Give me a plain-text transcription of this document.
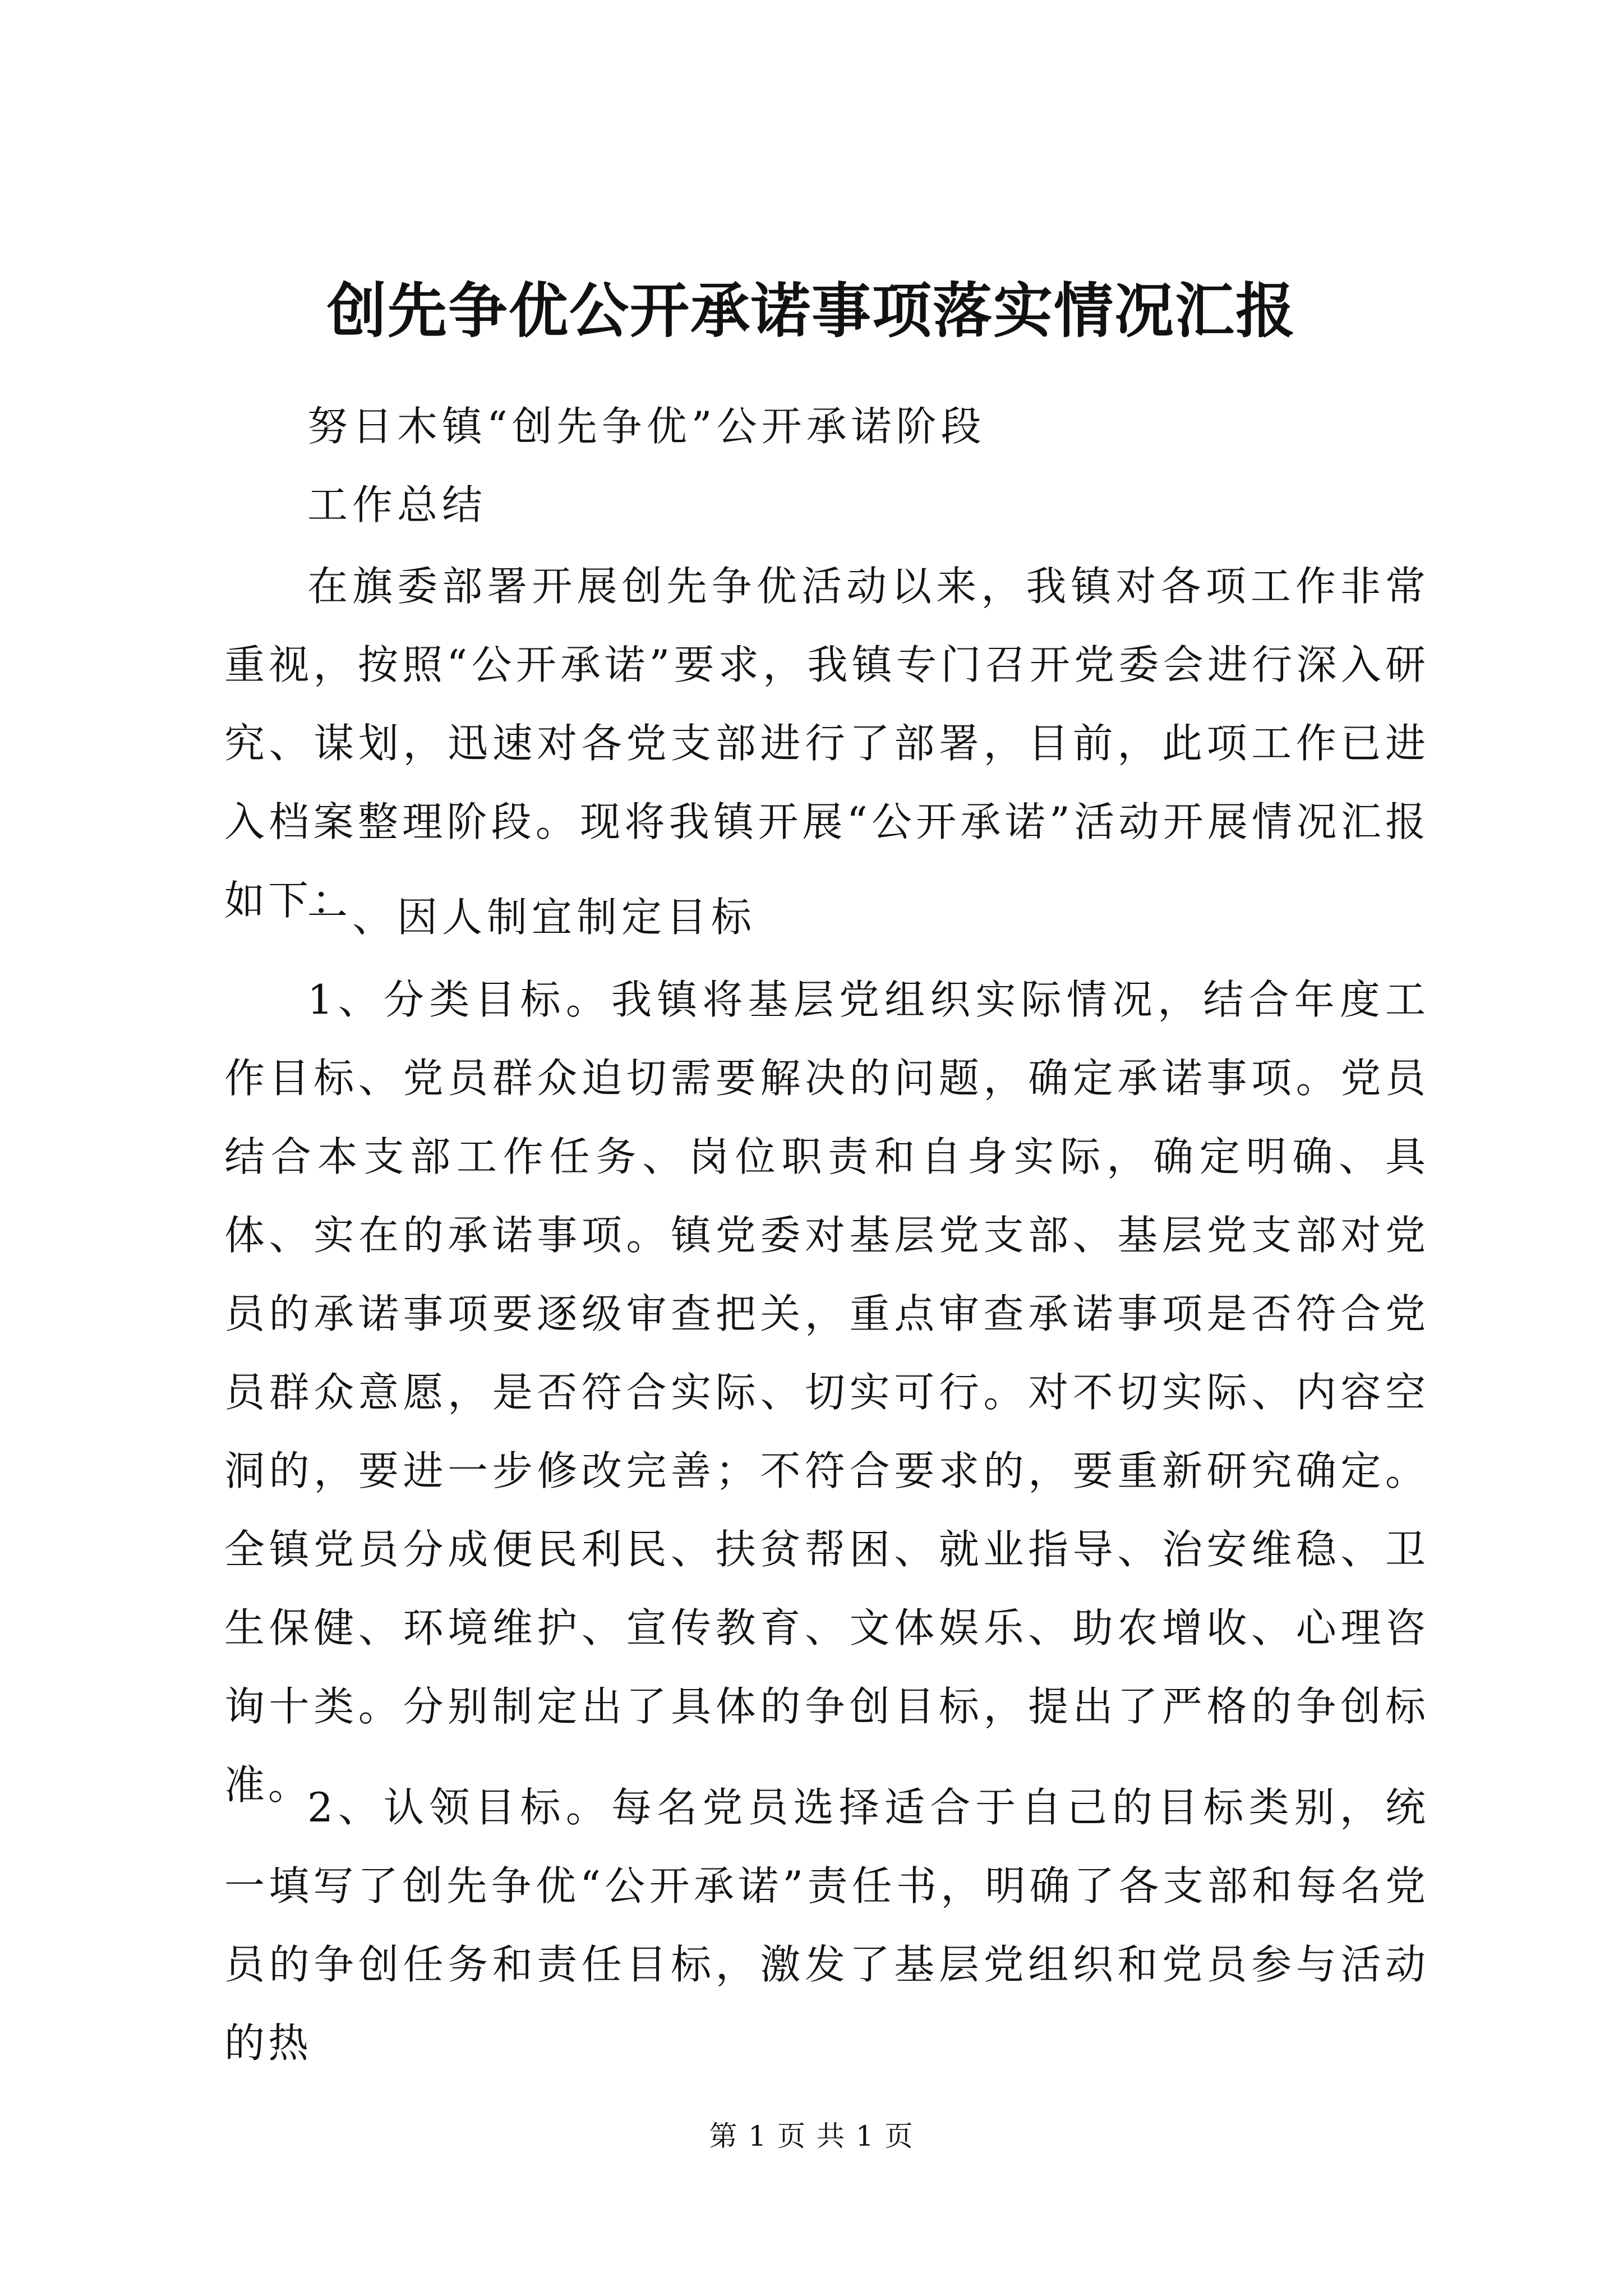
创先争优公开承诺事项落实情况汇报
努日木镇“创先争优”公开承诺阶段
工作总结
在旗委部署开展创先争优活动以来，我镇对各项工作非常重视，按照“公开承诺”要求，我镇专门召开党委会进行深入研究、谋划，迅速对各党支部进行了部署，目前，此项工作已进入档案整理阶段。现将我镇开展“公开承诺”活动开展情况汇报如下：
一、因人制宜制定目标
1、分类目标。我镇将基层党组织实际情况，结合年度工作目标、党员群众迫切需要解决的问题，确定承诺事项。党员结合本支部工作任务、岗位职责和自身实际，确定明确、具体、实在的承诺事项。镇党委对基层党支部、基层党支部对党员的承诺事项要逐级审查把关，重点审查承诺事项是否符合党员群众意愿，是否符合实际、切实可行。对不切实际、内容空洞的，要进一步修改完善；不符合要求的，要重新研究确定。全镇党员分成便民利民、扶贫帮困、就业指导、治安维稳、卫生保健、环境维护、宣传教育、文体娱乐、助农增收、心理咨询十类。分别制定出了具体的争创目标，提出了严格的争创标准。
2、认领目标。每名党员选择适合于自己的目标类别，统一填写了创先争优“公开承诺”责任书，明确了各支部和每名党员的争创任务和责任目标，激发了基层党组织和党员参与活动的热
第 1 页 共 1 页
